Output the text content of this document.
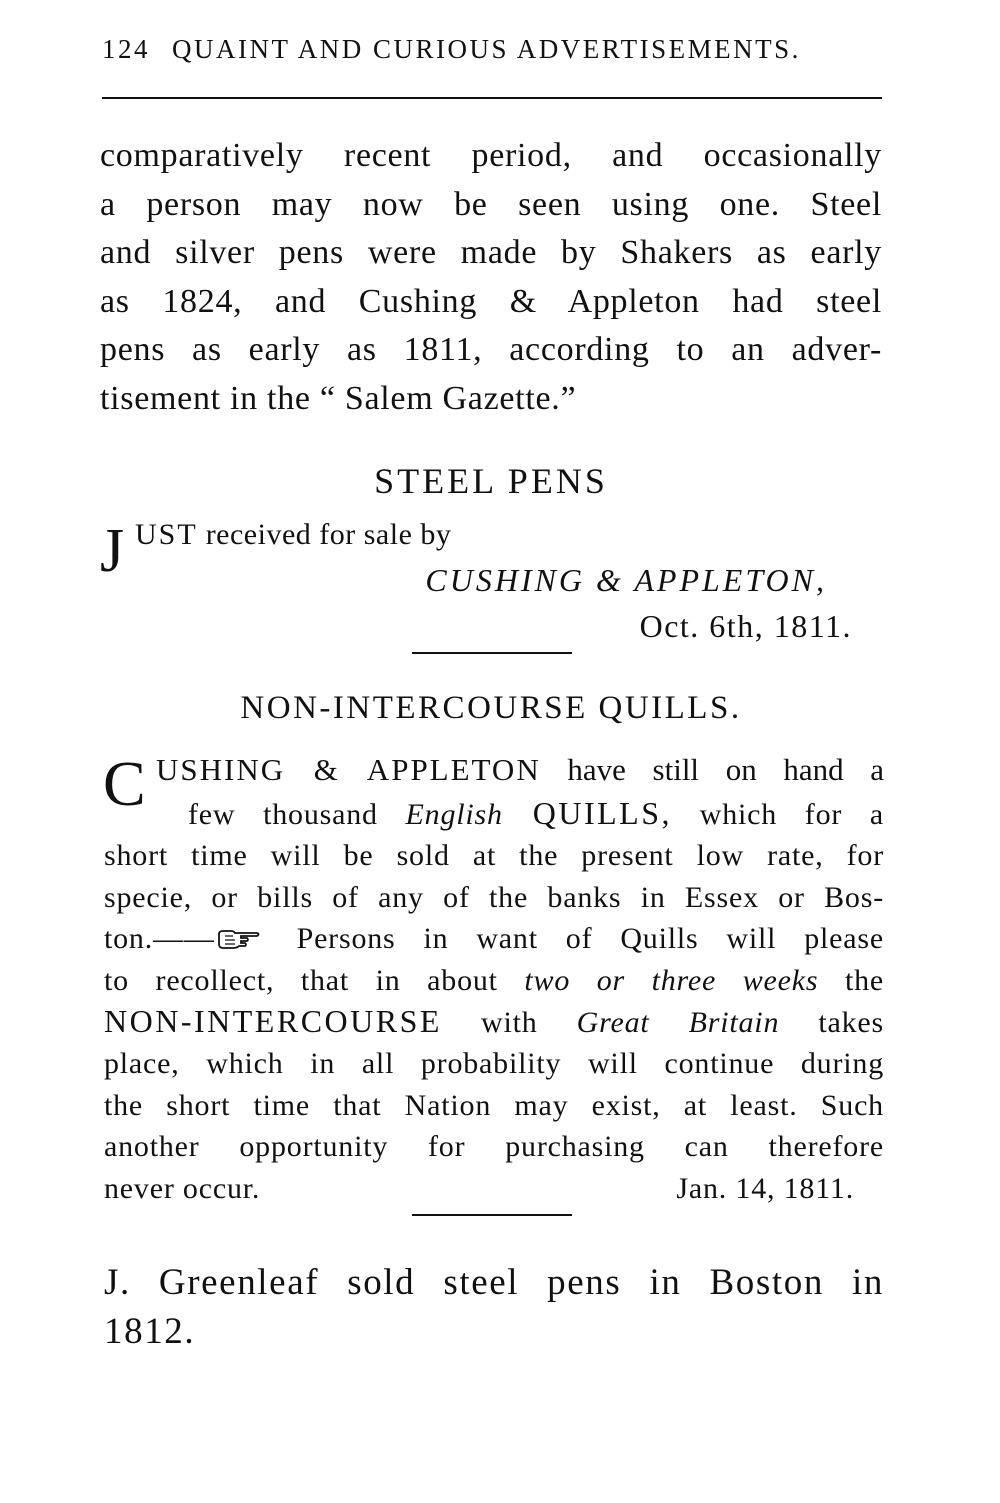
124 QUAINT AND CURIOUS ADVERTISEMENTS.
comparatively recent period, and occasionally
a person may now be seen using one. Steel
and silver pens were made by Shakers as early
as 1824, and Cushing & Appleton had steel
pens as early as 1811, according to an adver-
tisement in the “ Salem Gazette.”
STEEL PENS
J UST received for sale by
CUSHING & APPLETON,
Oct. 6th, 1811.
NON-INTERCOURSE QUILLS.
C USHING & APPLETON have still on hand a
few thousand English QUILLS, which for a
short time will be sold at the present low rate, for
specie, or bills of any of the banks in Essex or Bos-
ton.—— Persons in want of Quills will please
to recollect, that in about two or three weeks the
NON-INTERCOURSE with Great Britain takes
place, which in all probability will continue during
the short time that Nation may exist, at least. Such
another opportunity for purchasing can therefore
never occur.	Jan. 14, 1811.
J. Greenleaf sold steel pens in Boston in
1812.
